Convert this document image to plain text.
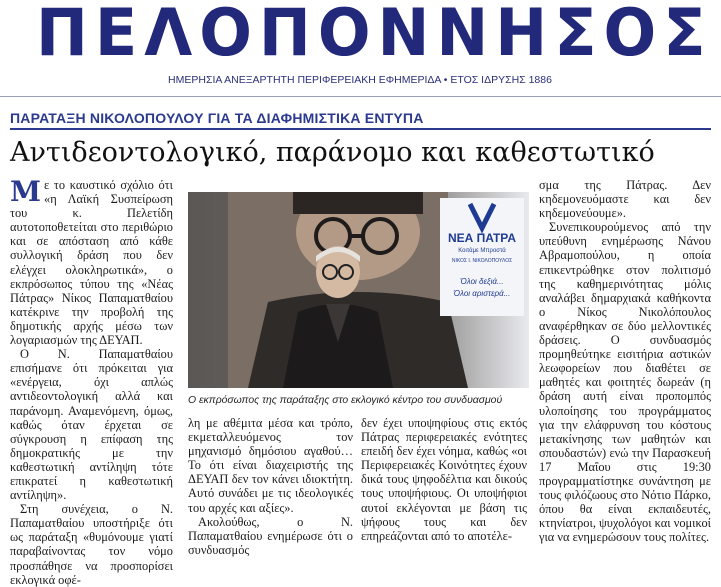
ΠΕΛΟΠΟΝΝΗΣΟΣ
ΗΜΕΡΗΣΙΑ ΑΝΕΞΑΡΤΗΤΗ ΠΕΡΙΦΕΡΕΙΑΚΗ ΕΦΗΜΕΡΙΔΑ • ΕΤΟΣ ΙΔΡΥΣΗΣ 1886
ΠΑΡΑΤΑΞΗ ΝΙΚΟΛΟΠΟΥΛΟΥ ΓΙΑ ΤΑ ΔΙΑΦΗΜΙΣΤΙΚΑ ΕΝΤΥΠΑ
Αντιδεοντολογικό, παράνομο και καθεστωτικό

Με το καυστικό σχόλιο ότι «η Λαϊκή Συσπείρωση του κ. Πελετίδη αυτοτοποθετείται στο περιθώριο και σε απόσταση από κάθε συλλογική δράση που δεν ελέγχει ολοκληρωτικά», ο εκπρόσωπος τύπου της «Νέας Πάτρας» Νίκος Παπαματθαίου κατέκρινε την προβολή της δημοτικής αρχής μέσω των λογαριασμών της ΔΕΥΑΠ.

Ο Ν. Παπαματθαίου επισήμανε ότι πρόκειται για «ενέργεια, όχι απλώς αντιδεοντολογική αλλά και παράνομη. Αναμενόμενη, όμως, καθώς όταν έρχεται σε σύγκρουση η επίφαση της δημοκρατικής με την καθεστωτική αντίληψη τότε επικρατεί η καθεστωτική αντίληψη».

Στη συνέχεια, ο Ν. Παπαματθαίου υποστήριξε ότι ως παράταξη «θυμόνουμε γιατί παραβαίνοντας τον νόμο προσπάθησε να προσπορίσει εκλογικά οφέ-

ΝΕΑ ΠΑΤΡΑ
Κοιτάμε Μπροστά
ΝΙΚΟΣ Ι. ΝΙΚΟΛΟΠΟΥΛΟΣ
Όλοι δεξιά...
Όλοι αριστερά...
Ο εκπρόσωπος της παράταξης στο εκλογικό κέντρο του συνδυασμού

λη με αθέμιτα μέσα και τρόπο, εκμεταλλευόμενος τον μηχανισμό δημόσιου αγαθού… Το ότι είναι διαχειριστής της ΔΕΥΑΠ δεν τον κάνει ιδιοκτήτη. Αυτό συνάδει με τις ιδεολογικές του αρχές και αξίες».

Ακολούθως, ο Ν. Παπαματθαίου ενημέρωσε ότι ο συνδυασμός

δεν έχει υποψηφίους στις εκτός Πάτρας περιφερειακές ενότητες επειδή δεν έχει νόημα, καθώς «οι Περιφερειακές Κοινότητες έχουν δικά τους ψηφοδέλτια και δικούς τους υποψήφιους. Οι υποψήφιοι αυτοί εκλέγονται με βάση τις ψήφους τους και δεν επηρεάζονται από το αποτέλε-

σμα της Πάτρας. Δεν κηδεμονευόμαστε και δεν κηδεμονεύουμε».

Συνεπικουρούμενος από την υπεύθυνη ενημέρωσης Νάνου Αβραμοπούλου, η οποία επικεντρώθηκε στον πολιτισμό της καθημερινότητας μόλις αναλάβει δημαρχιακά καθήκοντα ο Νίκος Νικολόπουλος αναφέρθηκαν σε δύο μελλοντικές δράσεις. Ο συνδυασμός προμηθεύτηκε εισιτήρια αστικών λεωφορείων που διαθέτει σε μαθητές και φοιτητές δωρεάν (η δράση αυτή είναι προπομπός υλοποίησης του προγράμματος για την ελάφρυνση του κόστους μετακίνησης των μαθητών και σπουδαστών) ενώ την Παρασκευή 17 Μαΐου στις 19:30 προγραμματίστηκε συνάντηση με τους φιλόζωους στο Νότιο Πάρκο, όπου θα είναι εκπαιδευτές, κτηνίατροι, ψυχολόγοι και νομικοί για να ενημερώσουν τους πολίτες.
